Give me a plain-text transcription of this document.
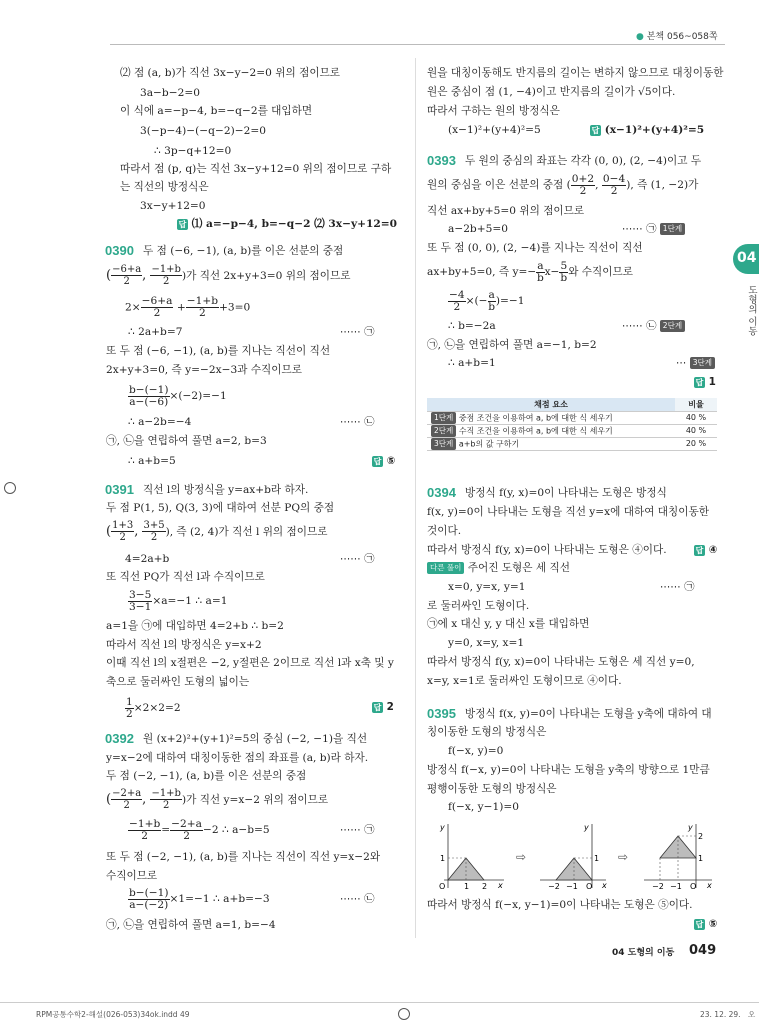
● 본책 056~058쪽
04
도형의 이동
⑵ 점 (a, b)가 직선 3x−y−2=0 위의 점이므로
3a−b−2=0
이 식에 a=−p−4, b=−q−2를 대입하면
3(−p−4)−(−q−2)−2=0
∴ 3p−q+12=0
따라서 점 (p, q)는 직선 3x−y+12=0 위의 점이므로 구하
는 직선의 방정식은
3x−y+12=0
답 ⑴ a=−p−4, b=−q−2 ⑵ 3x−y+12=0
0390 두 점 (−6, −1), (a, b)를 이은 선분의 중점
( $\frac{-6+a}{2}$ , $\frac{-1+b}{2}$ )가 직선 2x+y+3=0 위의 점이므로
$2\times \frac{-6+a}{2} + \frac{-1+b}{2} +3=0$
∴ 2a+b=7	⋯⋯ ㉠
또 두 점 (−6, −1), (a, b)를 지나는 직선이 직선
2x+y+3=0, 즉 y=−2x−3과 수직이므로
$\frac{b-(-1)}{a-(-6)} \times(-2)=-1$
∴ a−2b=−4	⋯⋯ ㉡
㉠, ㉡을 연립하여 풀면 a=2, b=3
∴ a+b=5	답 ⑤
0391 직선 l의 방정식을 y=ax+b라 하자.
두 점 P(1, 5), Q(3, 3)에 대하여 선분 PQ의 중점
( $\frac{1+3}{2}$ , $\frac{3+5}{2}$ ), 즉 (2, 4)가 직선 l 위의 점이므로
4=2a+b	⋯⋯ ㉠
또 직선 PQ가 직선 l과 수직이므로
$\frac{3-5}{3-1} \times a=-1$ ∴ a=1
a=1을 ㉠에 대입하면 4=2+b ∴ b=2
따라서 직선 l의 방정식은 y=x+2
이때 직선 l의 x절편은 −2, y절편은 2이므로 직선 l과 x축 및 y
축으로 둘러싸인 도형의 넓이는
$\frac{1}{2} \times 2\times 2=2$	답 2
0392 원 (x+2)²+(y+1)²=5의 중심 (−2, −1)을 직선
y=x−2에 대하여 대칭이동한 점의 좌표를 (a, b)라 하자.
두 점 (−2, −1), (a, b)를 이은 선분의 중점
( $\frac{-2+a}{2}$ , $\frac{-1+b}{2}$ )가 직선 y=x−2 위의 점이므로
$\frac{-1+b}{2} = \frac{-2+a}{2} -2$ ∴ a−b=5	⋯⋯ ㉠
또 두 점 (−2, −1), (a, b)를 지나는 직선이 직선 y=x−2와
수직이므로
$\frac{b-(-1)}{a-(-2)} \times 1=-1$ ∴ a+b=−3	⋯⋯ ㉡
㉠, ㉡을 연립하여 풀면 a=1, b=−4
원을 대칭이동해도 반지름의 길이는 변하지 않으므로 대칭이동한
원은 중심이 점 (1, −4)이고 반지름의 길이가 √5이다.
따라서 구하는 원의 방정식은
(x−1)²+(y+4)²=5	답 (x−1)²+(y+4)²=5
0393 두 원의 중심의 좌표는 각각 (0, 0), (2, −4)이고 두
원의 중심을 이은 선분의 중점 ( $\frac{0+2}{2}$ , $\frac{0-4}{2}$ ), 즉 (1, −2)가
직선 ax+by+5=0 위의 점이므로
a−2b+5=0	⋯⋯ ㉠ 1단계
또 두 점 (0, 0), (2, −4)를 지나는 직선이 직선
ax+by+5=0, 즉 $y=- \frac{a}{b} x- \frac{5}{b}$ 와 수직이므로
$\frac{-4}{2}$ ×(− $\frac{a}{b} )=-1$
∴ b=−2a	⋯⋯ ㉡ 2단계
㉠, ㉡을 연립하여 풀면 a=−1, b=2
∴ a+b=1	⋯ 3단계
답 1
채점 요소	비율
1단계 중점 조건을 이용하여 a, b에 대한 식 세우기	40 %
2단계 수직 조건을 이용하여 a, b에 대한 식 세우기	40 %
3단계 a+b의 값 구하기	20 %
0394 방정식 f(y, x)=0이 나타내는 도형은 방정식
f(x, y)=0이 나타내는 도형을 직선 y=x에 대하여 대칭이동한
것이다.
따라서 방정식 f(y, x)=0이 나타내는 도형은 ④이다.	답 ④
다른 풀이 주어진 도형은 세 직선
x=0, y=x, y=1	⋯⋯ ㉠
로 둘러싸인 도형이다.
㉠에 x 대신 y, y 대신 x를 대입하면
y=0, x=y, x=1
따라서 방정식 f(y, x)=0이 나타내는 도형은 세 직선 y=0,
x=y, x=1로 둘러싸인 도형이므로 ④이다.
0395 방정식 f(x, y)=0이 나타내는 도형을 y축에 대하여 대
칭이동한 도형의 방정식은
f(−x, y)=0
방정식 f(−x, y)=0이 나타내는 도형을 y축의 방향으로 1만큼
평행이동한 도형의 방정식은
f(−x, y−1)=0
y
x
O 1 2
1	⇨
y
x
O
−2 −1
1 ⇨
y
x
O
−2 −1
1
2
따라서 방정식 f(−x, y−1)=0이 나타내는 도형은 ⑤이다.
답 ⑤
04 도형의 이동 049
RPM공통수학2-해설(026-053)34ok.indd 49	23. 12. 29. 오
